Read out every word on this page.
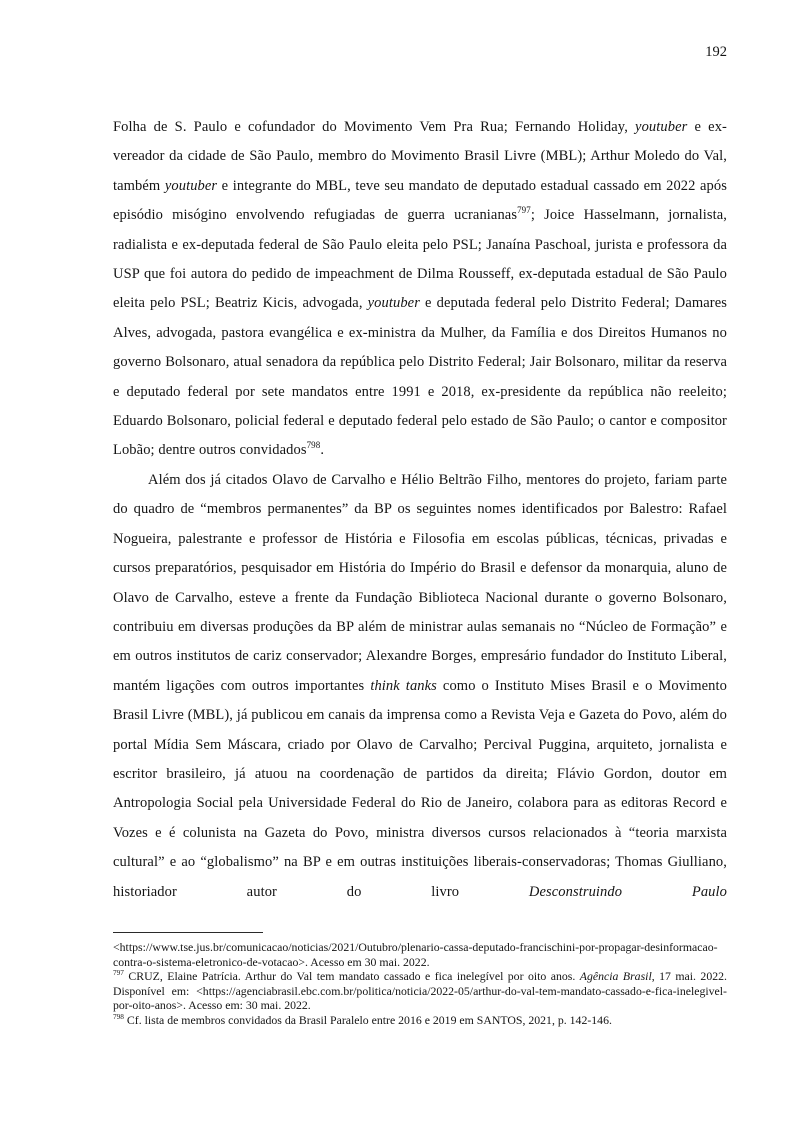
192

Folha de S. Paulo e cofundador do Movimento Vem Pra Rua; Fernando Holiday, youtuber e ex-vereador da cidade de São Paulo, membro do Movimento Brasil Livre (MBL); Arthur Moledo do Val, também youtuber e integrante do MBL, teve seu mandato de deputado estadual cassado em 2022 após episódio misógino envolvendo refugiadas de guerra ucranianas$^{797}$; Joice Hasselmann, jornalista, radialista e ex-deputada federal de São Paulo eleita pelo PSL; Janaína Paschoal, jurista e professora da USP que foi autora do pedido de impeachment de Dilma Rousseff, ex-deputada estadual de São Paulo eleita pelo PSL; Beatriz Kicis, advogada, youtuber e deputada federal pelo Distrito Federal; Damares Alves, advogada, pastora evangélica e ex-ministra da Mulher, da Família e dos Direitos Humanos no governo Bolsonaro, atual senadora da república pelo Distrito Federal; Jair Bolsonaro, militar da reserva e deputado federal por sete mandatos entre 1991 e 2018, ex-presidente da república não reeleito; Eduardo Bolsonaro, policial federal e deputado federal pelo estado de São Paulo; o cantor e compositor Lobão; dentre outros convidados$^{798}$.

Além dos já citados Olavo de Carvalho e Hélio Beltrão Filho, mentores do projeto, fariam parte do quadro de “membros permanentes” da BP os seguintes nomes identificados por Balestro: Rafael Nogueira, palestrante e professor de História e Filosofia em escolas públicas, técnicas, privadas e cursos preparatórios, pesquisador em História do Império do Brasil e defensor da monarquia, aluno de Olavo de Carvalho, esteve a frente da Fundação Biblioteca Nacional durante o governo Bolsonaro, contribuiu em diversas produções da BP além de ministrar aulas semanais no “Núcleo de Formação” e em outros institutos de cariz conservador; Alexandre Borges, empresário fundador do Instituto Liberal, mantém ligações com outros importantes think tanks como o Instituto Mises Brasil e o Movimento Brasil Livre (MBL), já publicou em canais da imprensa como a Revista Veja e Gazeta do Povo, além do portal Mídia Sem Máscara, criado por Olavo de Carvalho; Percival Puggina, arquiteto, jornalista e escritor brasileiro, já atuou na coordenação de partidos da direita; Flávio Gordon, doutor em Antropologia Social pela Universidade Federal do Rio de Janeiro, colabora para as editoras Record e Vozes e é colunista na Gazeta do Povo, ministra diversos cursos relacionados à “teoria marxista cultural” e ao “globalismo” na BP e em outras instituições liberais-conservadoras; Thomas Giulliano, historiador autor do livro Desconstruindo Paulo

<https://www.tse.jus.br/comunicacao/noticias/2021/Outubro/plenario-cassa-deputado-francischini-por-propagar-desinformacao-contra-o-sistema-eletronico-de-votacao>. Acesso em 30 mai. 2022.
$^{797}$ CRUZ, Elaine Patrícia. Arthur do Val tem mandato cassado e fica inelegível por oito anos. Agência Brasil, 17 mai. 2022. Disponível em: <https://agenciabrasil.ebc.com.br/politica/noticia/2022-05/arthur-do-val-tem-mandato-cassado-e-fica-inelegivel-por-oito-anos>. Acesso em: 30 mai. 2022.
$^{798}$ Cf. lista de membros convidados da Brasil Paralelo entre 2016 e 2019 em SANTOS, 2021, p. 142-146.
